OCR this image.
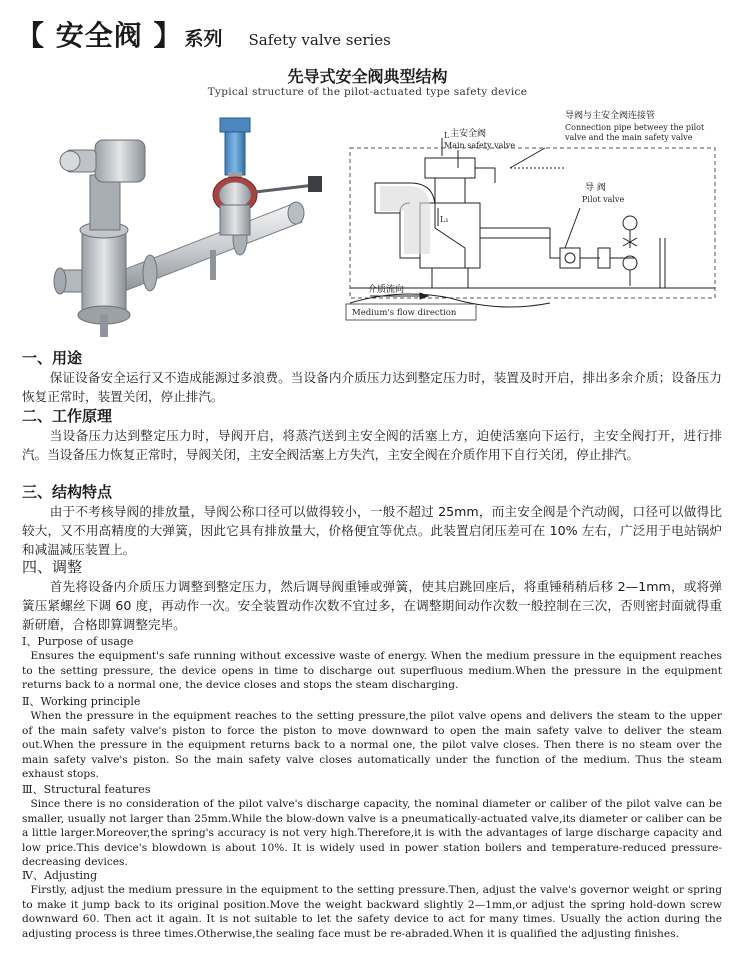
【 安全阀 】 系列 Safety valve series
先导式安全阀典型结构
Typical structure of the pilot-actuated type safety device
主安全阀
Main safety valve
导阀与主安全阀连接管
Connection pipe betweey the pilot
valve and the main safety valve
导 阀
Pilot valve
介质流向
Medium's flow direction
L
L₁
一、用途

保证设备安全运行又不造成能源过多浪费。当设备内介质压力达到整定压力时，装置及时开启，排出多余介质；设备压力恢复正常时，装置关闭，停止排汽。

二、工作原理

当设备压力达到整定压力时，导阀开启，将蒸汽送到主安全阀的活塞上方，迫使活塞向下运行，主安全阀打开，进行排汽。当设备压力恢复正常时，导阀关闭，主安全阀活塞上方失汽，主安全阀在介质作用下自行关闭，停止排汽。

三、结构特点

由于不考核导阀的排放量，导阀公称口径可以做得较小，一般不超过 25mm，而主安全阀是个汽动阀，口径可以做得比较大，又不用高精度的大弹簧，因此它具有排放量大，价格便宜等优点。此装置启闭压差可在 10% 左右，广泛用于电站锅炉和减温减压装置上。

四、调整

首先将设备内介质压力调整到整定压力，然后调导阀重锤或弹簧，使其启跳回座后，将重锤稍稍后移 2—1mm，或将弹簧压紧螺丝下调 60 度，再动作一次。安全装置动作次数不宜过多，在调整期间动作次数一般控制在三次，否则密封面就得重新研磨，合格即算调整完毕。

Ⅰ、Purpose of usage

Ensures the equipment's safe running without excessive waste of energy. When the medium pressure in the equipment reaches to the setting pressure, the device opens in time to discharge out superfluous medium.When the pressure in the equipment returns back to a normal one, the device closes and stops the steam discharging.

Ⅱ、Working principle

When the pressure in the equipment reaches to the setting pressure,the pilot valve opens and delivers the steam to the upper of the main safety valve's piston to force the piston to move downward to open the main safety valve to deliver the steam out.When the pressure in the equipment returns back to a normal one, the pilot valve closes. Then there is no steam over the main safety valve's piston. So the main safety valve closes automatically under the function of the medium. Thus the steam exhaust stops.

Ⅲ、Structural features

Since there is no consideration of the pilot valve's discharge capacity, the nominal diameter or caliber of the pilot valve can be smaller, usually not larger than 25mm.While the blow-down valve is a pneumatically-actuated valve,its diameter or caliber can be a little larger.Moreover,the spring's accuracy is not very high.Therefore,it is with the advantages of large discharge capacity and low price.This device's blowdown is about 10%. It is widely used in power station boilers and temperature-reduced pressure-decreasing devices.

Ⅳ、Adjusting

Firstly, adjust the medium pressure in the equipment to the setting pressure.Then, adjust the valve's governor weight or spring to make it jump back to its original position.Move the weight backward slightly 2—1mm,or adjust the spring hold-down screw downward 60. Then act it again. It is not suitable to let the safety device to act for many times. Usually the action during the adjusting process is three times.Otherwise,the sealing face must be re-abraded.When it is qualified the adjusting finishes.
